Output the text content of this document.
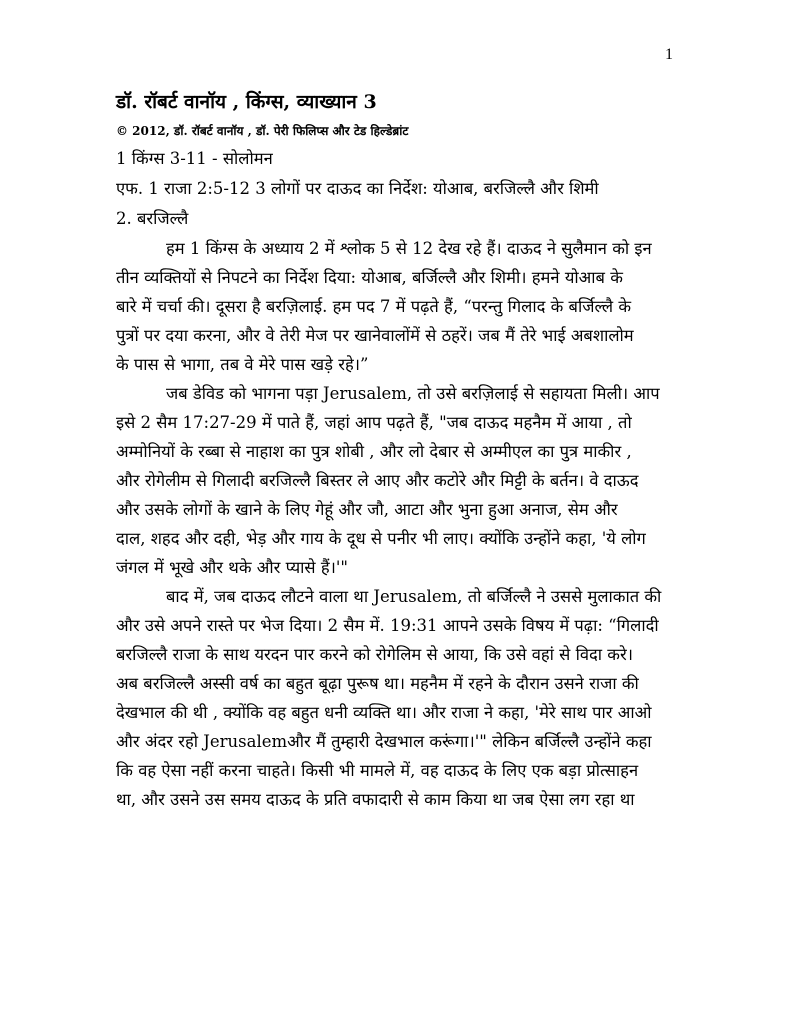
1
डॉ. रॉबर्ट वानॉय , किंग्स, व्याख्यान 3
© 2012, डॉ. रॉबर्ट वानॉय , डॉ. पेरी फिलिप्स और टेड हिल्डेब्रांट
1 किंग्स 3-11 - सोलोमन
एफ. 1 राजा 2:5-12 3 लोगों पर दाऊद का निर्देश: योआब, बरजिल्लै और शिमी
2. बरजिल्लै

हम 1 किंग्स के अध्याय 2 में श्लोक 5 से 12 देख रहे हैं। दाऊद ने सुलैमान को इन
तीन व्यक्तियों से निपटने का निर्देश दिया: योआब, बर्जिल्लै और शिमी। हमने योआब के
बारे में चर्चा की। दूसरा है बरज़िलाई. हम पद 7 में पढ़ते हैं, “परन्तु गिलाद के बर्जिल्लै के
पुत्रों पर दया करना, और वे तेरी मेज पर खानेवालोंमें से ठहरें। जब मैं तेरे भाई अबशालोम
के पास से भागा, तब वे मेरे पास खड़े रहे।”

जब डेविड को भागना पड़ा Jerusalem, तो उसे बरज़िलाई से सहायता मिली। आप
इसे 2 सैम 17:27-29 में पाते हैं, जहां आप पढ़ते हैं, "जब दाऊद महनैम में आया , तो
अम्मोनियों के रब्बा से नाहाश का पुत्र शोबी , और लो देबार से अम्मीएल का पुत्र माकीर ,
और रोगेलीम से गिलादी बरजिल्लै बिस्तर ले आए और कटोरे और मिट्टी के बर्तन। वे दाऊद
और उसके लोगों के खाने के लिए गेहूं और जौ, आटा और भुना हुआ अनाज, सेम और
दाल, शहद और दही, भेड़ और गाय के दूध से पनीर भी लाए। क्योंकि उन्होंने कहा, 'ये लोग
जंगल में भूखे और थके और प्यासे हैं।'"

बाद में, जब दाऊद लौटने वाला था Jerusalem, तो बर्जिल्लै ने उससे मुलाकात की
और उसे अपने रास्ते पर भेज दिया। 2 सैम में. 19:31 आपने उसके विषय में पढ़ा: “गिलादी
बरजिल्लै राजा के साथ यरदन पार करने को रोगेलिम से आया, कि उसे वहां से विदा करे।
अब बरजिल्लै अस्सी वर्ष का बहुत बूढ़ा पुरूष था। महनैम में रहने के दौरान उसने राजा की
देखभाल की थी , क्योंकि वह बहुत धनी व्यक्ति था। और राजा ने कहा, 'मेरे साथ पार आओ
और अंदर रहो Jerusalemऔर मैं तुम्हारी देखभाल करूंगा।'" लेकिन बर्जिल्लै उन्होंने कहा
कि वह ऐसा नहीं करना चाहते। किसी भी मामले में, वह दाऊद के लिए एक बड़ा प्रोत्साहन
था, और उसने उस समय दाऊद के प्रति वफादारी से काम किया था जब ऐसा लग रहा था
